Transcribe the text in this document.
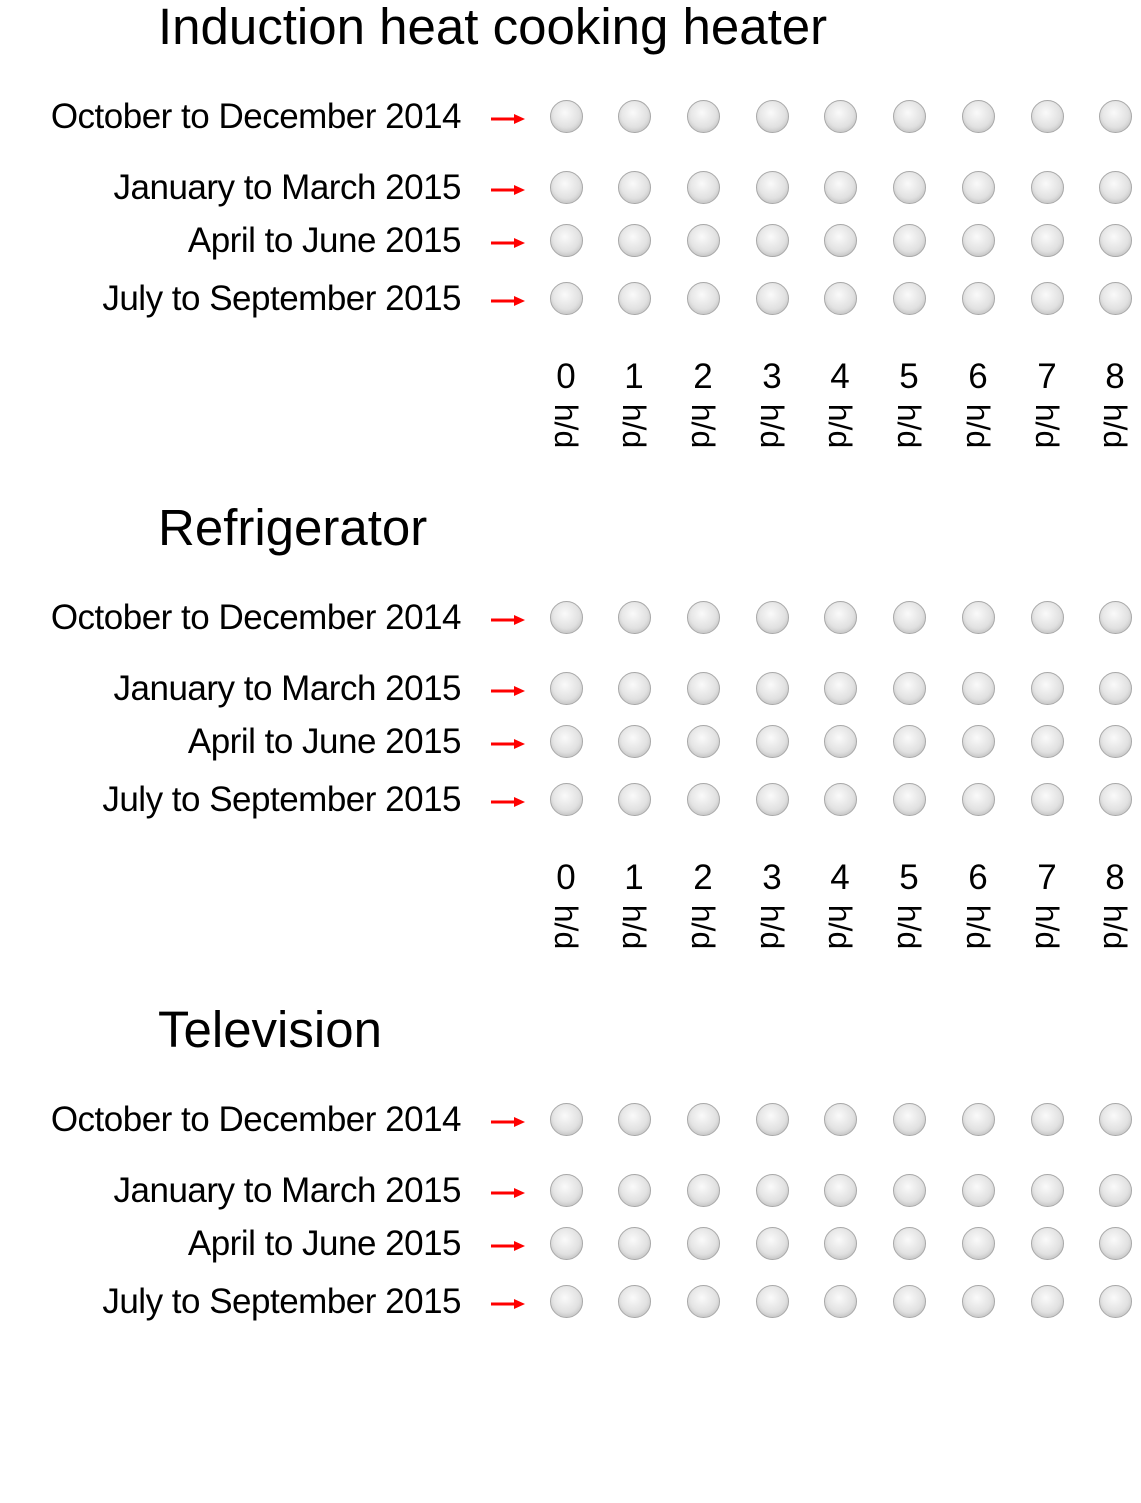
Induction heat cooking heater
October to December 2014
January to March 2015
April to June 2015
July to September 2015
0
h/d
1
h/d
2
h/d
3
h/d
4
h/d
5
h/d
6
h/d
7
h/d
8
h/d
Refrigerator
October to December 2014
January to March 2015
April to June 2015
July to September 2015
0
h/d
1
h/d
2
h/d
3
h/d
4
h/d
5
h/d
6
h/d
7
h/d
8
h/d
Television
October to December 2014
January to March 2015
April to June 2015
July to September 2015
